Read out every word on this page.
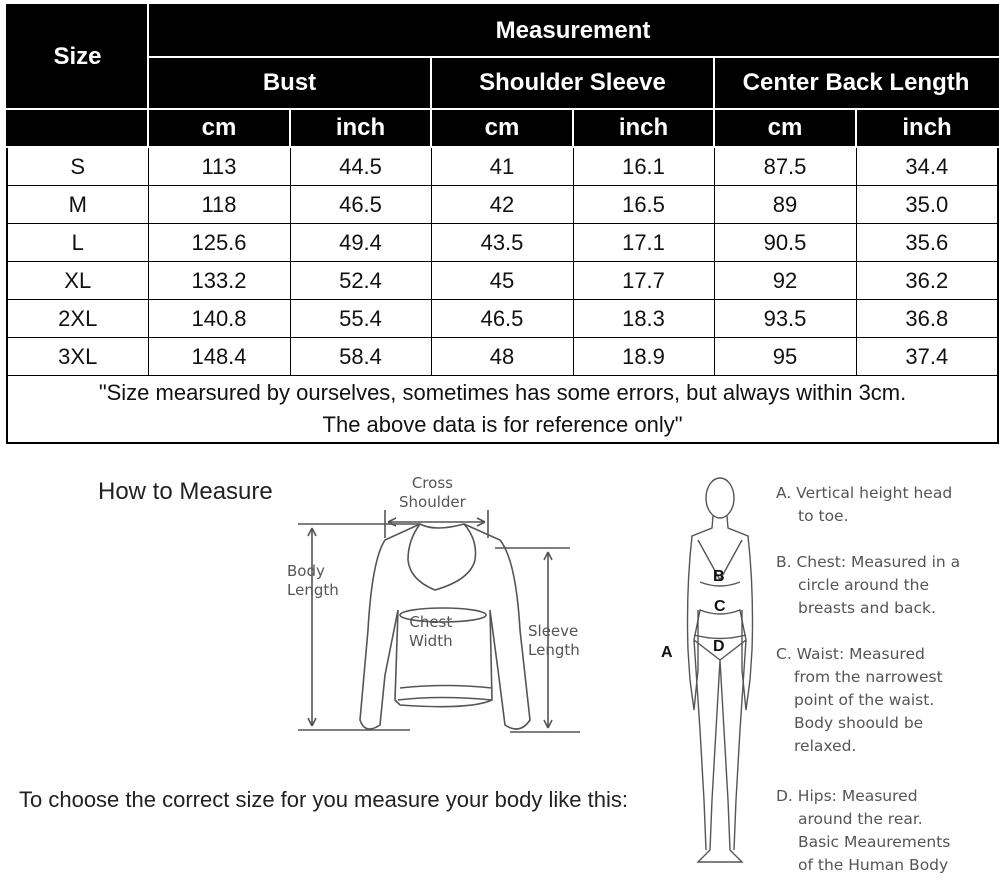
Size	Measurement					
	Bust		Shoulder Sleeve		Center Back Length	
	cm	inch	cm	inch	cm	inch
S	113	44.5	41	16.1	87.5	34.4
M	118	46.5	42	16.5	89	35.0
L	125.6	49.4	43.5	17.1	90.5	35.6
XL	133.2	52.4	45	17.7	92	36.2
2XL	140.8	55.4	46.5	18.3	93.5	36.8
3XL	148.4	58.4	48	18.9	95	37.4
"Size mearsured by ourselves, sometimes has some errors, but always within 3cm.
The above data is for reference only"						
How to Measure	Cross
Shoulder
Body
Length
Chest
Width
Sleeve
Length
To choose the correct size for you measure your body like this:
B
C
D
A
A. Vertical height head
to toe.
B. Chest: Measured in a
circle around the
breasts and back.
C. Waist: Measured
from the narrowest
point of the waist.
Body shoould be
relaxed.
D. Hips: Measured
around the rear.
Basic Meaurements
of the Human Body
